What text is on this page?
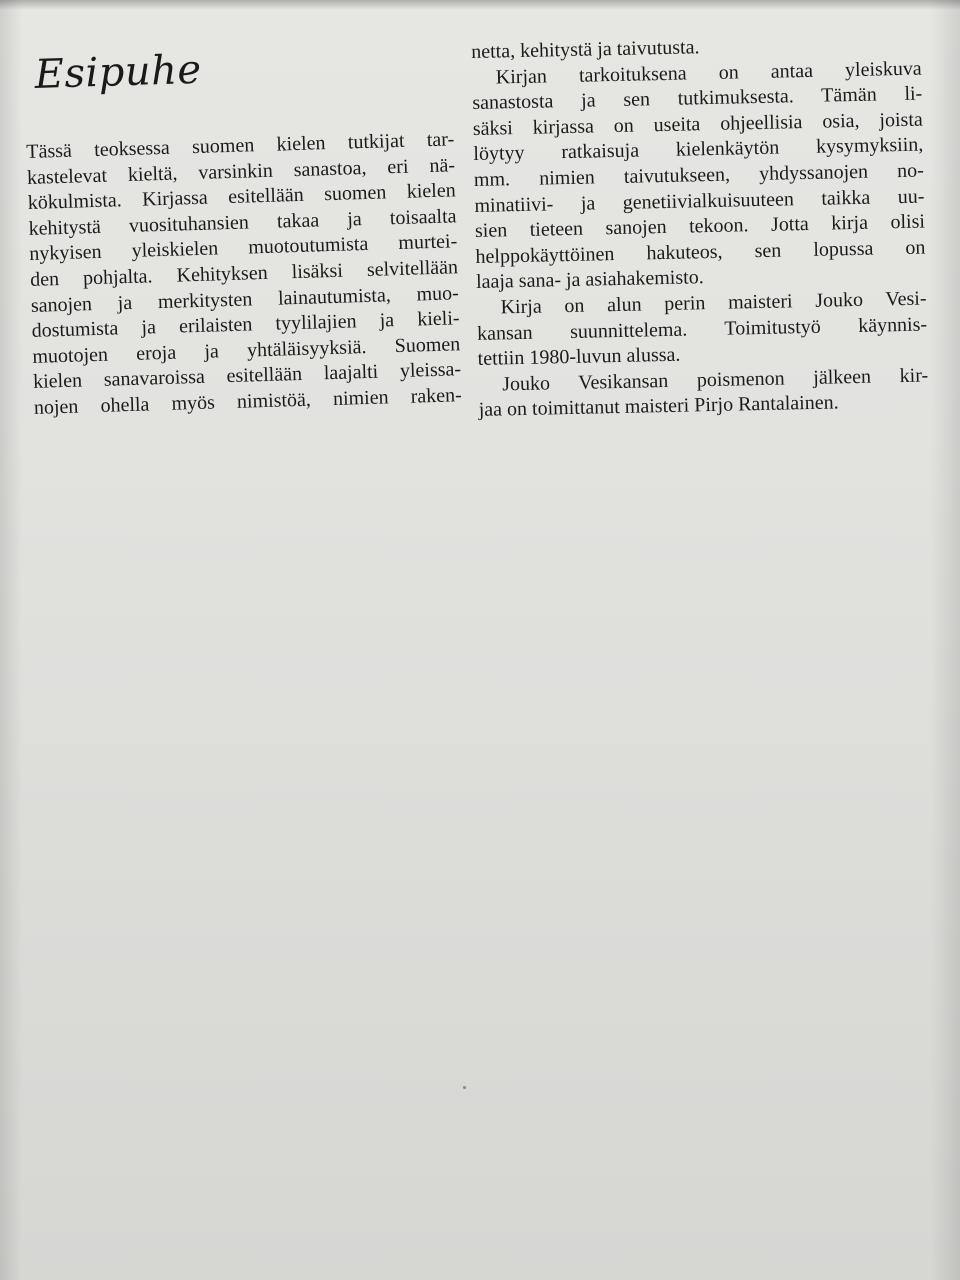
Esipuhe
Tässä teoksessa suomen kielen tutkijat tar-
kastelevat kieltä, varsinkin sanastoa, eri nä-
kökulmista. Kirjassa esitellään suomen kielen
kehitystä vuosituhansien takaa ja toisaalta
nykyisen yleiskielen muotoutumista murtei-
den pohjalta. Kehityksen lisäksi selvitellään
sanojen ja merkitysten lainautumista, muo-
dostumista ja erilaisten tyylilajien ja kieli-
muotojen eroja ja yhtäläisyyksiä. Suomen
kielen sanavaroissa esitellään laajalti yleissa-
nojen ohella myös nimistöä, nimien raken-
netta, kehitystä ja taivutusta.
Kirjan tarkoituksena on antaa yleiskuva
sanastosta ja sen tutkimuksesta. Tämän li-
säksi kirjassa on useita ohjeellisia osia, joista
löytyy ratkaisuja kielenkäytön kysymyksiin,
mm. nimien taivutukseen, yhdyssanojen no-
minatiivi- ja genetiivialkuisuuteen taikka uu-
sien tieteen sanojen tekoon. Jotta kirja olisi
helppokäyttöinen hakuteos, sen lopussa on
laaja sana- ja asiahakemisto.
Kirja on alun perin maisteri Jouko Vesi-
kansan suunnittelema. Toimitustyö käynnis-
tettiin 1980-luvun alussa.
Jouko Vesikansan poismenon jälkeen kir-
jaa on toimittanut maisteri Pirjo Rantalainen.
